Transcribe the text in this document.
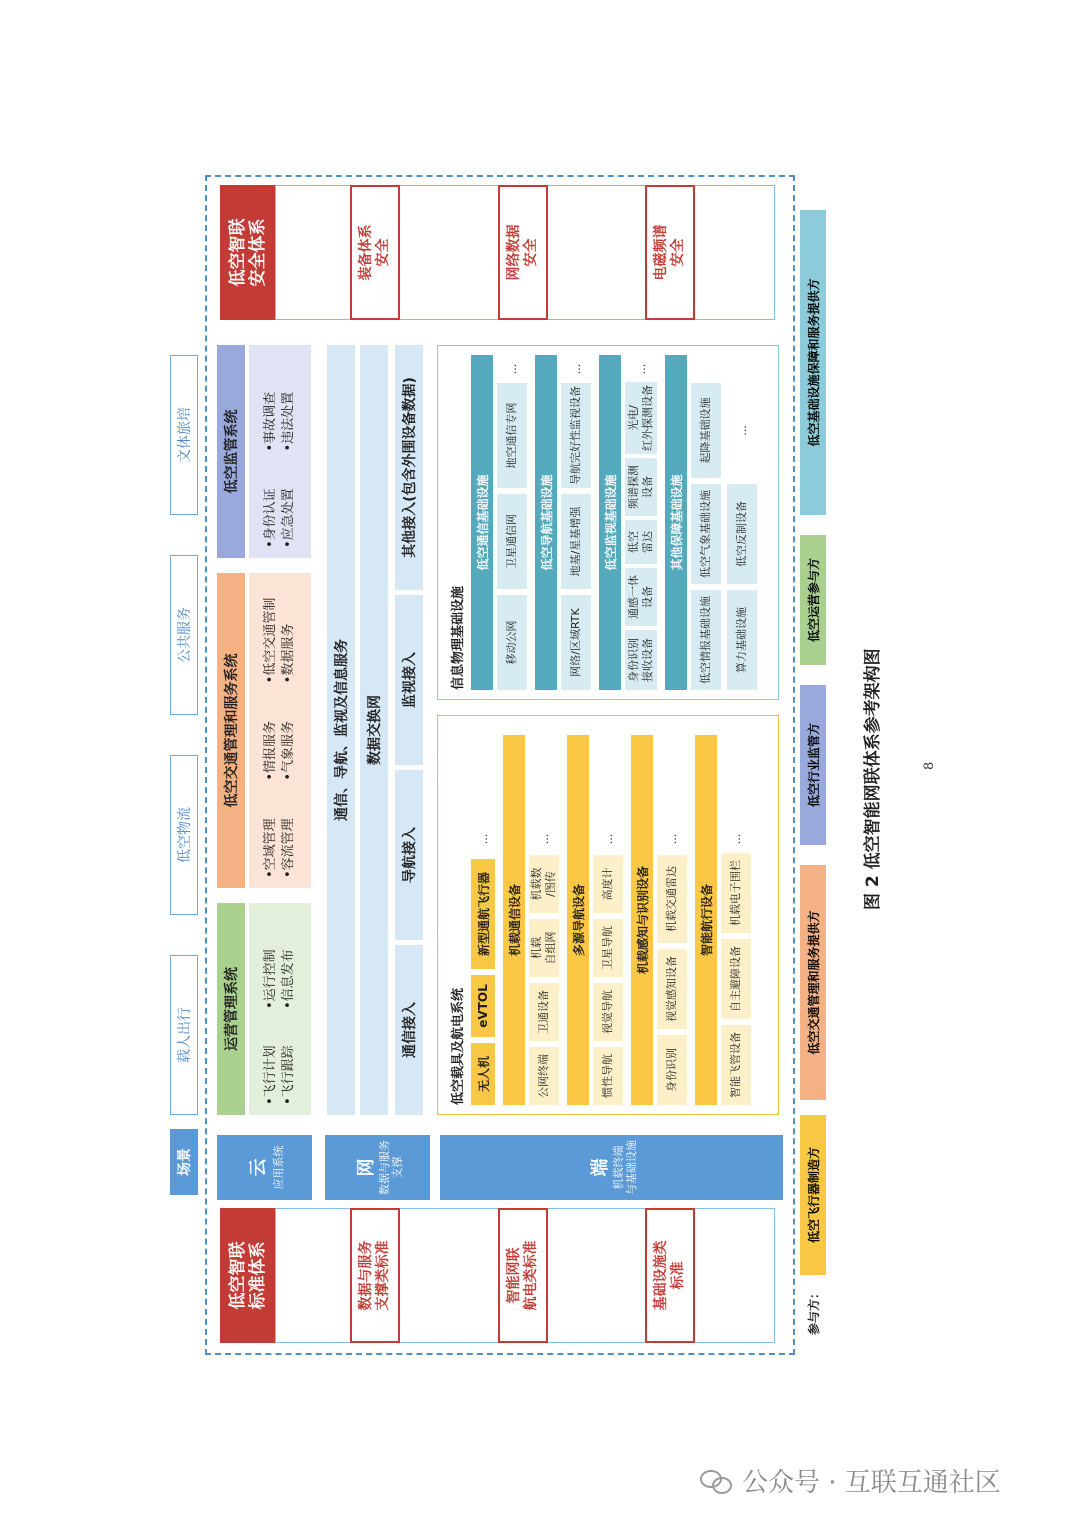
低空智联
标准体系	数据与服务
支撑类标准	智能网联
航电类标准	基础设施类
标准
云 应用系统	网 数据与服务
支撑	端 机载终端
与基础设施
运营管理系统
•飞行计划
•运行控制
•飞行跟踪
•信息发布
低空交通管理和服务系统
•空域管理
•情报服务
•低空交通管制
•容流管理
•气象服务
•数据服务
低空监管系统
•身份认证
•事故调查
•应急处置
•违法处置
通信、导航、监视及信息服务	数据交换网
通信接入
导航接入
监视接入
其他接入(包含外围设备数据)
低空载具及航电系统 无人机
eVTOL
新型通航飞行器
...
机载通信设备
公网终端
卫通设备
机载
自组网
机载数
/图传
...
多源导航设备
惯性导航
视觉导航
卫星导航
高度计
...
机载感知与识别设备
身份识别
视觉感知设备
机载交通雷达
...
智能航行设备
智能飞管设备
自主避障设备
机载电子围栏
...
信息物理基础设施
低空通信基础设施
移动公网
卫星通信网
地空通信专网
...
低空导航基础设施
网络/区域RTK
地基/星基增强
导航完好性监视设备
...
低空监视基础设施
身份识别
接收设备
通感一体
设备
低空
雷达
频谱探测
设备
光电/
红外探测设备
...
其他保障基础设施
低空情报基础设施
低空气象基础设施
起降基础设施
算力基础设施
低空反制设备
...
低空智联
安全体系	装备体系
安全	网络数据
安全	电磁频谱
安全
载人出行
低空物流
公共服务
文体旅培
场景
参与方：
低空飞行器制造方
低空交通管理和服务提供方
低空行业监管方
低空运营参与方
低空基础设施保障和服务提供方
图 2 低空智能网联体系参考架构图	8
公众号 · 互联互通社区
